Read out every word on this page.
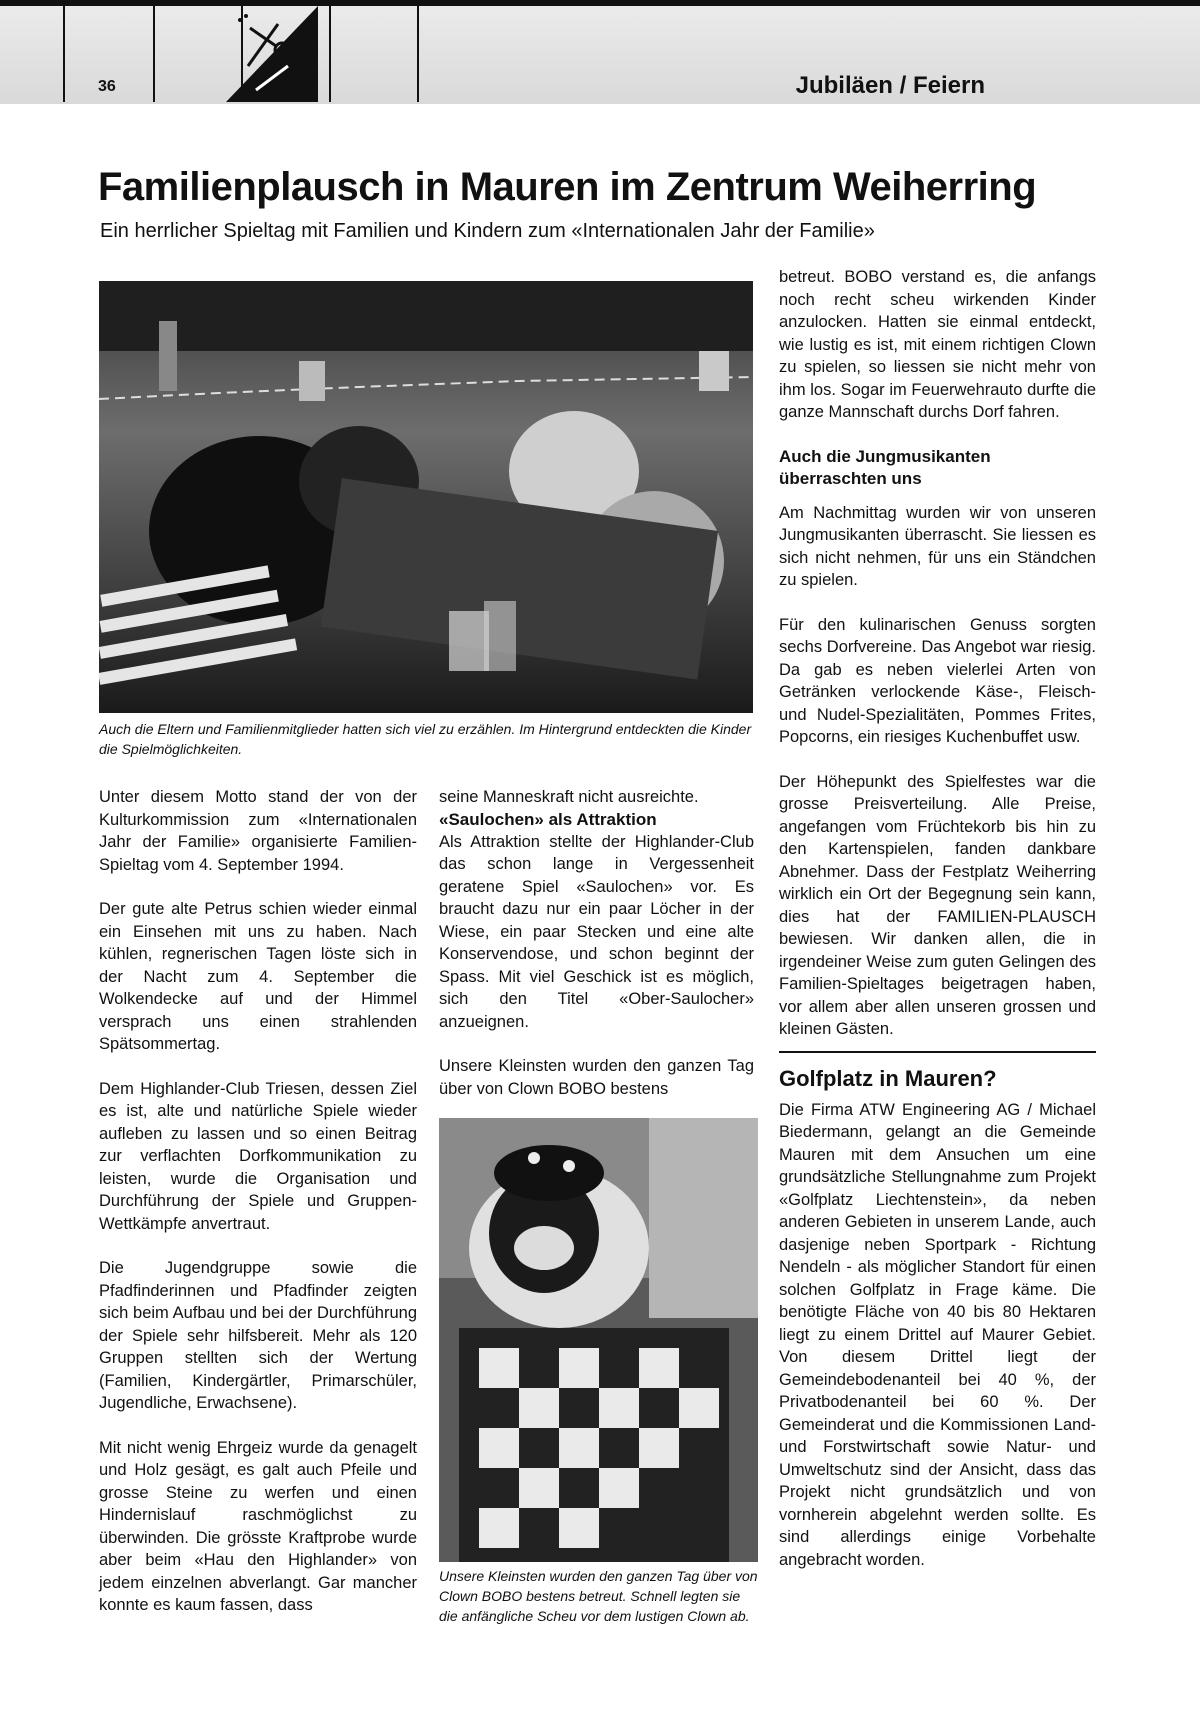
36	Jubiläen / Feiern
Familienplausch in Mauren im Zentrum Weiherring

Ein herrlicher Spieltag mit Familien und Kindern zum «Internationalen Jahr der Familie»

Auch die Eltern und Familienmitglieder hatten sich viel zu erzählen. Im Hintergrund entdeckten die Kinder die Spielmöglichkeiten.

Unter diesem Motto stand der von der Kulturkommission zum «Internationalen Jahr der Familie» organisierte Familien-Spieltag vom 4. September 1994.

Der gute alte Petrus schien wieder einmal ein Einsehen mit uns zu haben. Nach kühlen, regnerischen Tagen löste sich in der Nacht zum 4. September die Wolkendecke auf und der Himmel versprach uns einen strahlenden Spätsommertag.

Dem Highlander-Club Triesen, dessen Ziel es ist, alte und natürliche Spiele wieder aufleben zu lassen und so einen Beitrag zur verflachten Dorfkommunikation zu leisten, wurde die Organisation und Durchführung der Spiele und Gruppen-Wettkämpfe anvertraut.

Die Jugendgruppe sowie die Pfadfinderinnen und Pfadfinder zeigten sich beim Aufbau und bei der Durchführung der Spiele sehr hilfsbereit. Mehr als 120 Gruppen stellten sich der Wertung (Familien, Kindergärtler, Primarschüler, Jugendliche, Erwachsene).

Mit nicht wenig Ehrgeiz wurde da genagelt und Holz gesägt, es galt auch Pfeile und grosse Steine zu werfen und einen Hindernislauf raschmöglichst zu überwinden. Die grösste Kraftprobe wurde aber beim «Hau den Highlander» von jedem einzelnen abverlangt. Gar mancher konnte es kaum fassen, dass

seine Manneskraft nicht ausreichte.

«Saulochen» als Attraktion

Als Attraktion stellte der Highlander-Club das schon lange in Vergessenheit geratene Spiel «Saulochen» vor. Es braucht dazu nur ein paar Löcher in der Wiese, ein paar Stecken und eine alte Konservendose, und schon beginnt der Spass. Mit viel Geschick ist es möglich, sich den Titel «Ober-Saulocher» anzueignen.

Unsere Kleinsten wurden den ganzen Tag über von Clown BOBO bestens

Unsere Kleinsten wurden den ganzen Tag über von Clown BOBO bestens betreut. Schnell legten sie die anfängliche Scheu vor dem lustigen Clown ab.

betreut. BOBO verstand es, die anfangs noch recht scheu wirkenden Kinder anzulocken. Hatten sie einmal entdeckt, wie lustig es ist, mit einem richtigen Clown zu spielen, so liessen sie nicht mehr von ihm los. Sogar im Feuerwehrauto durfte die ganze Mannschaft durchs Dorf fahren.

Auch die Jungmusikanten überraschten uns

Am Nachmittag wurden wir von unseren Jungmusikanten überrascht. Sie liessen es sich nicht nehmen, für uns ein Ständchen zu spielen.

Für den kulinarischen Genuss sorgten sechs Dorfvereine. Das Angebot war riesig. Da gab es neben vielerlei Arten von Getränken verlockende Käse-, Fleisch- und Nudel-Spezialitäten, Pommes Frites, Popcorns, ein riesiges Kuchenbuffet usw.

Der Höhepunkt des Spielfestes war die grosse Preisverteilung. Alle Preise, angefangen vom Früchtekorb bis hin zu den Kartenspielen, fanden dankbare Abnehmer. Dass der Festplatz Weiherring wirklich ein Ort der Begegnung sein kann, dies hat der FAMILIEN-PLAUSCH bewiesen. Wir danken allen, die in irgendeiner Weise zum guten Gelingen des Familien-Spieltages beigetragen haben, vor allem aber allen unseren grossen und kleinen Gästen.

Golfplatz in Mauren?

Die Firma ATW Engineering AG / Michael Biedermann, gelangt an die Gemeinde Mauren mit dem Ansuchen um eine grundsätzliche Stellungnahme zum Projekt «Golfplatz Liechtenstein», da neben anderen Gebieten in unserem Lande, auch dasjenige neben Sportpark - Richtung Nendeln - als möglicher Standort für einen solchen Golfplatz in Frage käme. Die benötigte Fläche von 40 bis 80 Hektaren liegt zu einem Drittel auf Maurer Gebiet. Von diesem Drittel liegt der Gemeindebodenanteil bei 40 %, der Privatbodenanteil bei 60 %. Der Gemeinderat und die Kommissionen Land- und Forstwirtschaft sowie Natur- und Umweltschutz sind der Ansicht, dass das Projekt nicht grundsätzlich und von vornherein abgelehnt werden sollte. Es sind allerdings einige Vorbehalte angebracht worden.
